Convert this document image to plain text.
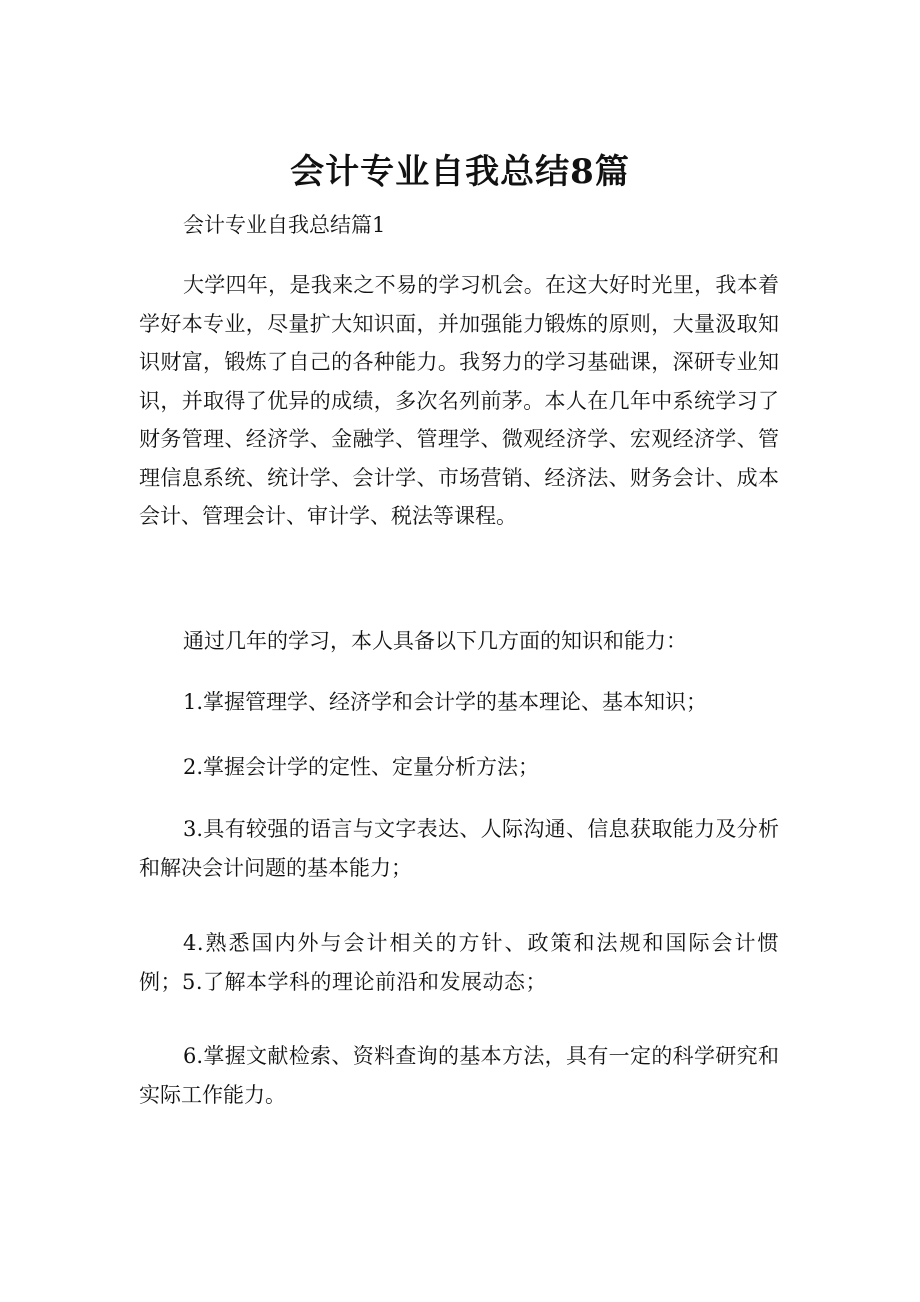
会计专业自我总结8篇

会计专业自我总结篇1

大学四年，是我来之不易的学习机会。在这大好时光里，我本着学好本专业，尽量扩大知识面，并加强能力锻炼的原则，大量汲取知识财富，锻炼了自己的各种能力。我努力的学习基础课，深研专业知识，并取得了优异的成绩，多次名列前茅。本人在几年中系统学习了财务管理、经济学、金融学、管理学、微观经济学、宏观经济学、管理信息系统、统计学、会计学、市场营销、经济法、财务会计、成本会计、管理会计、审计学、税法等课程。

通过几年的学习，本人具备以下几方面的知识和能力：

1.掌握管理学、经济学和会计学的基本理论、基本知识；

2.掌握会计学的定性、定量分析方法；

3.具有较强的语言与文字表达、人际沟通、信息获取能力及分析和解决会计问题的基本能力；

4.熟悉国内外与会计相关的方针、政策和法规和国际会计惯例；5.了解本学科的理论前沿和发展动态；

6.掌握文献检索、资料查询的基本方法，具有一定的科学研究和实际工作能力。
